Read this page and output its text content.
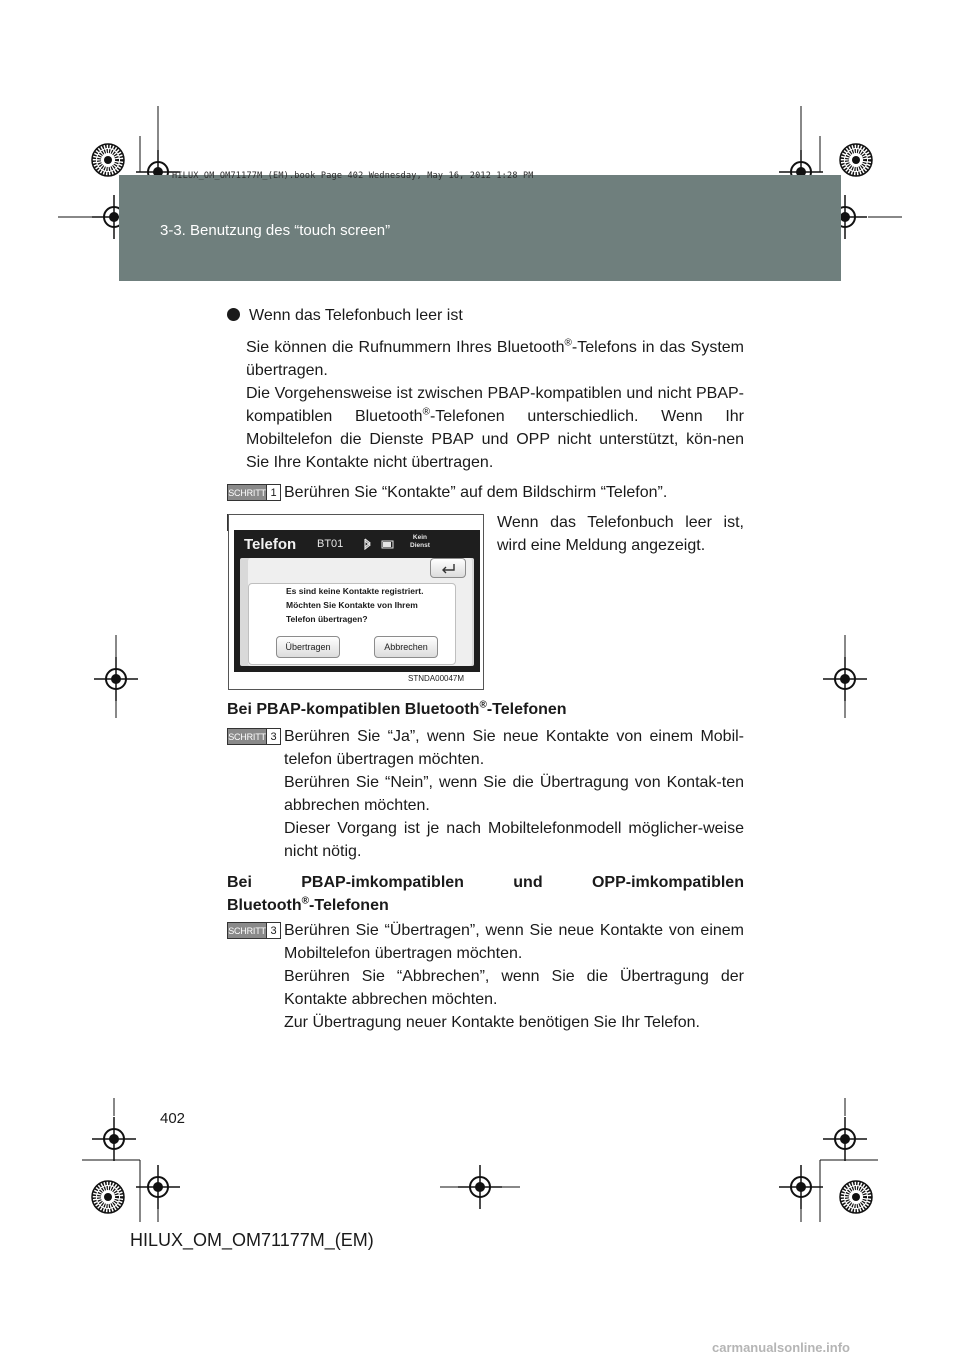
HILUX_OM_OM71177M_(EM).book Page 402 Wednesday, May 16, 2012 1:28 PM
3-3. Benutzung des “touch screen”
Wenn das Telefonbuch leer ist
Sie können die Rufnummern Ihres Bluetooth®-Telefons in das System übertragen.
Die Vorgehensweise ist zwischen PBAP-kompatiblen und nicht PBAP-kompatiblen Bluetooth®-Telefonen unterschiedlich. Wenn Ihr Mobiltelefon die Dienste PBAP und OPP nicht unterstützt, kön-nen Sie Ihre Kontakte nicht übertragen.
SCHRITT 1 Berühren Sie “Kontakte” auf dem Bildschirm “Telefon”.
Wenn das Telefonbuch leer ist, wird eine Meldung angezeigt.
Telefon BT01
Kein
Dienst
Es sind keine Kontakte registriert.
Möchten Sie Kontakte von Ihrem
Telefon übertragen?
Übertragen	Abbrechen
STNDA00047M
Bei PBAP-kompatiblen Bluetooth®-Telefonen
SCHRITT 3 Berühren Sie “Ja”, wenn Sie neue Kontakte von einem Mobil-telefon übertragen möchten.
Berühren Sie “Nein”, wenn Sie die Übertragung von Kontak-ten abbrechen möchten.
Dieser Vorgang ist je nach Mobiltelefonmodell möglicher-weise nicht nötig.
Bei	PBAP-imkompatiblen	und	OPP-imkompatiblen
Bluetooth®-Telefonen
SCHRITT 3 Berühren Sie “Übertragen”, wenn Sie neue Kontakte von einem Mobiltelefon übertragen möchten.
Berühren Sie “Abbrechen”, wenn Sie die Übertragung der Kontakte abbrechen möchten.
Zur Übertragung neuer Kontakte benötigen Sie Ihr Telefon.
402
HILUX_OM_OM71177M_(EM)
carmanualsonline.info
